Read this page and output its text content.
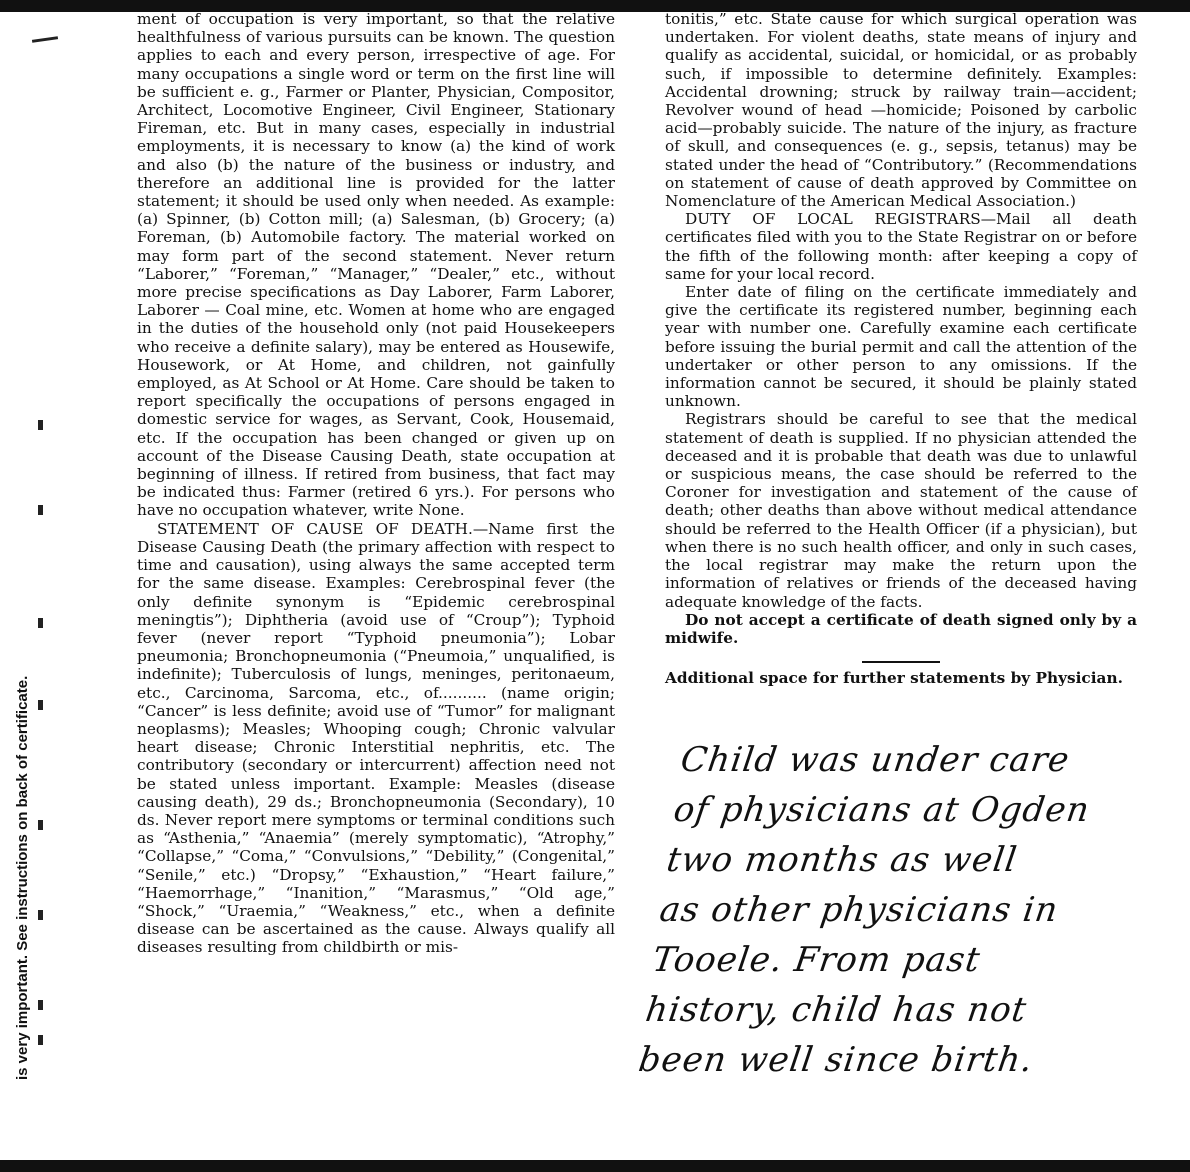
is very important. See instructions on back of certificate.

ment of occupation is very important, so that the relative healthfulness of various pursuits can be known. The question applies to each and every person, irrespective of age. For many occupations a single word or term on the first line will be sufficient e. g., Farmer or Planter, Physician, Compositor, Architect, Locomotive Engineer, Civil Engineer, Stationary Fireman, etc. But in many cases, especially in industrial employments, it is necessary to know (a) the kind of work and also (b) the nature of the business or industry, and therefore an additional line is provided for the latter statement; it should be used only when needed. As example: (a) Spinner, (b) Cotton mill; (a) Salesman, (b) Grocery; (a) Foreman, (b) Automobile factory. The material worked on may form part of the second statement. Never return “Laborer,” “Foreman,” “Manager,” “Dealer,” etc., without more precise specifications as Day Laborer, Farm Laborer, Laborer — Coal mine, etc. Women at home who are engaged in the duties of the household only (not paid Housekeepers who receive a definite salary), may be entered as Housewife, Housework, or At Home, and children, not gainfully employed, as At School or At Home. Care should be taken to report specifically the occupations of persons engaged in domestic service for wages, as Servant, Cook, Housemaid, etc. If the occupation has been changed or given up on account of the Disease Causing Death, state occupation at beginning of illness. If retired from business, that fact may be indicated thus: Farmer (retired 6 yrs.). For persons who have no occupation whatever, write None.

STATEMENT OF CAUSE OF DEATH.—Name first the Disease Causing Death (the primary affection with respect to time and causation), using always the same accepted term for the same disease. Examples: Cerebrospinal fever (the only definite synonym is “Epidemic cerebrospinal meningtis”); Diphtheria (avoid use of “Croup”); Typhoid fever (never report “Typhoid pneumonia”); Lobar pneumonia; Bronchopneumonia (“Pneumoia,” unqualified, is indefinite); Tuberculosis of lungs, meninges, peritonaeum, etc., Carcinoma, Sarcoma, etc., of.......... (name origin; “Cancer” is less definite; avoid use of “Tumor” for malignant neoplasms); Measles; Whooping cough; Chronic valvular heart disease; Chronic Interstitial nephritis, etc. The contributory (secondary or intercurrent) affection need not be stated unless important. Example: Measles (disease causing death), 29 ds.; Bronchopneumonia (Secondary), 10 ds. Never report mere symptoms or terminal conditions such as “Asthenia,” “Anaemia” (merely symptomatic), “Atrophy,” “Collapse,” “Coma,” “Convulsions,” “Debility,” (Congenital,” “Senile,” etc.) “Dropsy,” “Exhaustion,” “Heart failure,” “Haemorrhage,” “Inanition,” “Marasmus,” “Old age,” “Shock,” “Uraemia,” “Weakness,” etc., when a definite disease can be ascertained as the cause. Always qualify all diseases resulting from childbirth or mis-

tonitis,” etc. State cause for which surgical operation was undertaken. For violent deaths, state means of injury and qualify as accidental, suicidal, or homicidal, or as probably such, if impossible to determine definitely. Examples: Accidental drowning; struck by railway train—accident; Revolver wound of head —homicide; Poisoned by carbolic acid—probably suicide. The nature of the injury, as fracture of skull, and consequences (e. g., sepsis, tetanus) may be stated under the head of “Contributory.” (Recommendations on statement of cause of death approved by Committee on Nomenclature of the American Medical Association.)

DUTY OF LOCAL REGISTRARS—Mail all death certificates filed with you to the State Registrar on or before the fifth of the following month: after keeping a copy of same for your local record.

Enter date of filing on the certificate immediately and give the certificate its registered number, beginning each year with number one. Carefully examine each certificate before issuing the burial permit and call the attention of the undertaker or other person to any omissions. If the information cannot be secured, it should be plainly stated unknown.

Registrars should be careful to see that the medical statement of death is supplied. If no physician attended the deceased and it is probable that death was due to unlawful or suspicious means, the case should be referred to the Coroner for investigation and statement of the cause of death; other deaths than above without medical attendance should be referred to the Health Officer (if a physician), but when there is no such health officer, and only in such cases, the local registrar may make the return upon the information of relatives or friends of the deceased having adequate knowledge of the facts.

Do not accept a certificate of death signed only by a midwife.

Additional space for further statements by Physician.

Child was under care
of physicians at Ogden
two months as well
as other physicians in
Tooele. From past
history, child has not
been well since birth.
